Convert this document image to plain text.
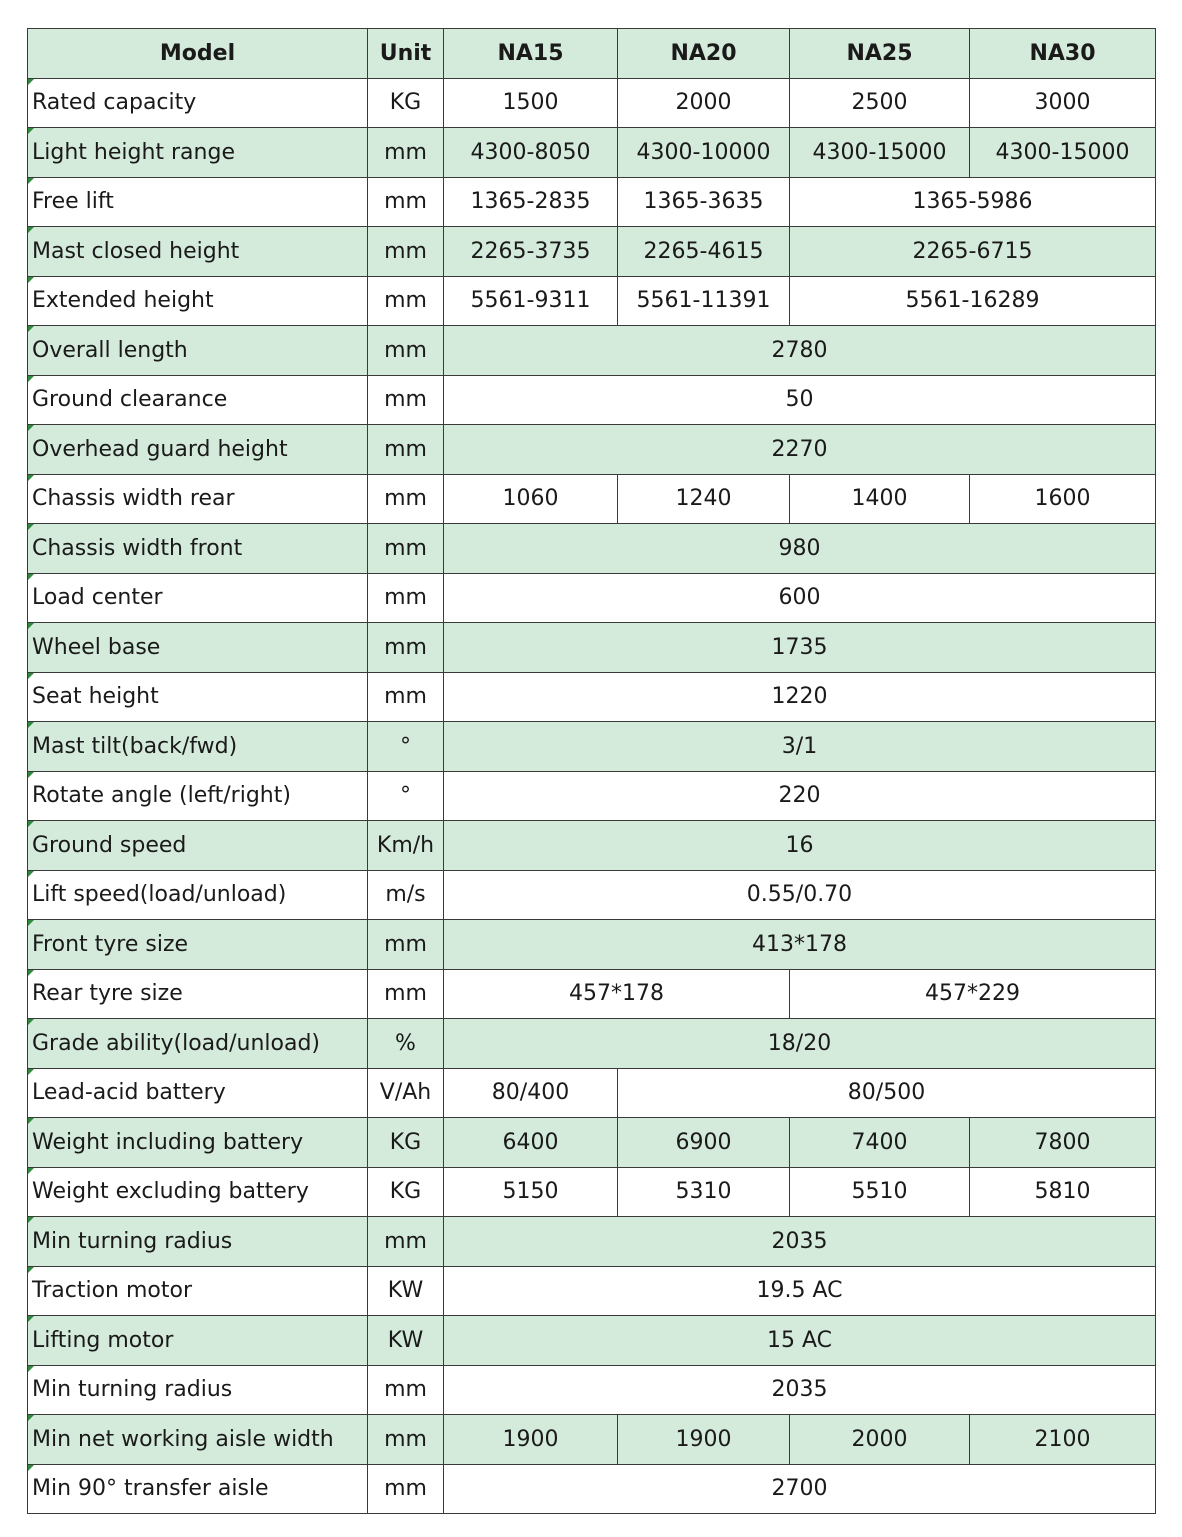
Model	Unit	NA15	NA20	NA25	NA30
Rated capacity	KG	1500	2000	2500	3000
Light height range	mm	4300-8050	4300-10000	4300-15000	4300-15000
Free lift	mm	1365-2835	1365-3635	1365-5986	
Mast closed height	mm	2265-3735	2265-4615	2265-6715	
Extended height	mm	5561-9311	5561-11391	5561-16289	
Overall length	mm	2780			
Ground clearance	mm	50			
Overhead guard height	mm	2270			
Chassis width rear	mm	1060	1240	1400	1600
Chassis width front	mm	980			
Load center	mm	600			
Wheel base	mm	1735			
Seat height	mm	1220			
Mast tilt(back/fwd)	°	3/1			
Rotate angle (left/right)	°	220			
Ground speed	Km/h	16			
Lift speed(load/unload)	m/s	0.55/0.70			
Front tyre size	mm	413*178			
Rear tyre size	mm	457*178		457*229	
Grade ability(load/unload)	%	18/20			
Lead-acid battery	V/Ah	80/400	80/500		
Weight including battery	KG	6400	6900	7400	7800
Weight excluding battery	KG	5150	5310	5510	5810
Min turning radius	mm	2035			
Traction motor	KW	19.5 AC			
Lifting motor	KW	15 AC			
Min turning radius	mm	2035			
Min net working aisle width	mm	1900	1900	2000	2100
Min 90° transfer aisle	mm	2700			
